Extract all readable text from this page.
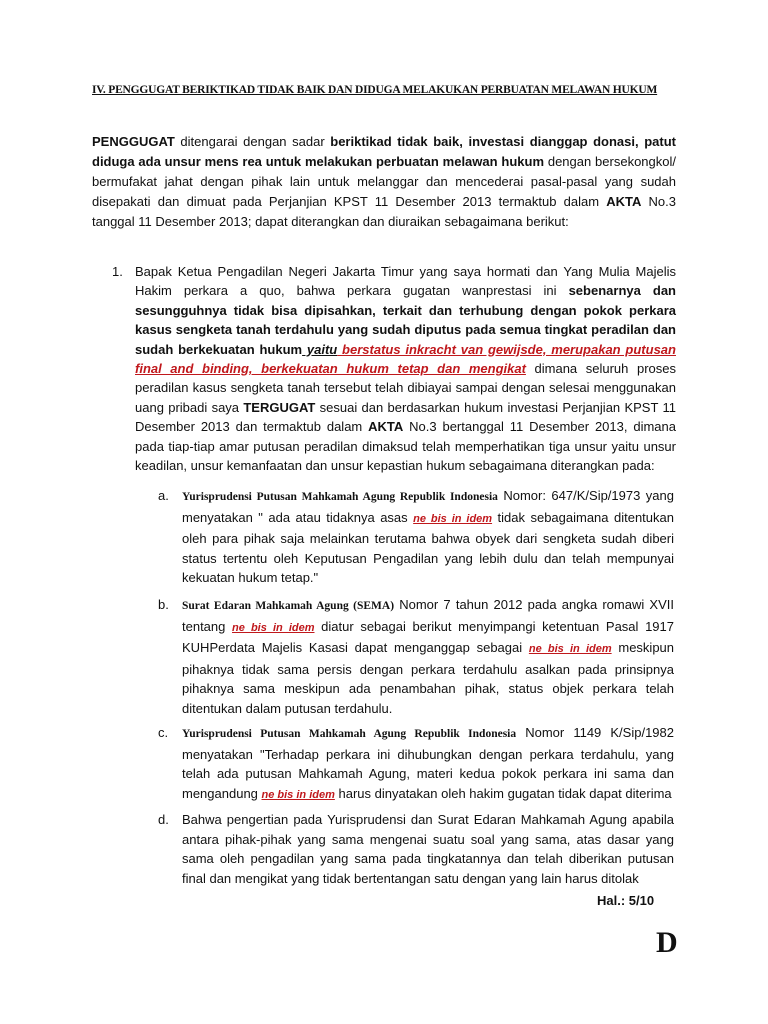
IV. PENGGUGAT BERIKTIKAD TIDAK BAIK DAN DIDUGA MELAKUKAN PERBUATAN MELAWAN HUKUM
PENGGUGAT ditengarai dengan sadar beriktikad tidak baik, investasi dianggap donasi, patut diduga ada unsur mens rea untuk melakukan perbuatan melawan hukum dengan bersekongkol/ bermufakat jahat dengan pihak lain untuk melanggar dan mencederai pasal-pasal yang sudah disepakati dan dimuat pada Perjanjian KPST 11 Desember 2013 termaktub dalam AKTA No.3 tanggal 11 Desember 2013; dapat diterangkan dan diuraikan sebagaimana berikut:
1. Bapak Ketua Pengadilan Negeri Jakarta Timur yang saya hormati dan Yang Mulia Majelis Hakim perkara a quo, bahwa perkara gugatan wanprestasi ini sebenarnya dan sesungguhnya tidak bisa dipisahkan, terkait dan terhubung dengan pokok perkara kasus sengketa tanah terdahulu yang sudah diputus pada semua tingkat peradilan dan sudah berkekuatan hukum yaitu berstatus inkracht van gewijsde, merupakan putusan final and binding, berkekuatan hukum tetap dan mengikat dimana seluruh proses peradilan kasus sengketa tanah tersebut telah dibiayai sampai dengan selesai menggunakan uang pribadi saya TERGUGAT sesuai dan berdasarkan hukum investasi Perjanjian KPST 11 Desember 2013 dan termaktub dalam AKTA No.3 bertanggal 11 Desember 2013, dimana pada tiap-tiap amar putusan peradilan dimaksud telah memperhatikan tiga unsur yaitu unsur keadilan, unsur kemanfaatan dan unsur kepastian hukum sebagaimana diterangkan pada:
a. Yurisprudensi Putusan Mahkamah Agung Republik Indonesia Nomor: 647/K/Sip/1973 yang menyatakan " ada atau tidaknya asas ne bis in idem tidak sebagaimana ditentukan oleh para pihak saja melainkan terutama bahwa obyek dari sengketa sudah diberi status tertentu oleh Keputusan Pengadilan yang lebih dulu dan telah mempunyai kekuatan hukum tetap."
b. Surat Edaran Mahkamah Agung (SEMA) Nomor 7 tahun 2012 pada angka romawi XVII tentang ne bis in idem diatur sebagai berikut menyimpangi ketentuan Pasal 1917 KUHPerdata Majelis Kasasi dapat menganggap sebagai ne bis in idem meskipun pihaknya tidak sama persis dengan perkara terdahulu asalkan pada prinsipnya pihaknya sama meskipun ada penambahan pihak, status objek perkara telah ditentukan dalam putusan terdahulu.
c. Yurisprudensi Putusan Mahkamah Agung Republik Indonesia Nomor 1149 K/Sip/1982 menyatakan "Terhadap perkara ini dihubungkan dengan perkara terdahulu, yang telah ada putusan Mahkamah Agung, materi kedua pokok perkara ini sama dan mengandung ne bis in idem harus dinyatakan oleh hakim gugatan tidak dapat diterima
d. Bahwa pengertian pada Yurisprudensi dan Surat Edaran Mahkamah Agung apabila antara pihak-pihak yang sama mengenai suatu soal yang sama, atas dasar yang sama oleh pengadilan yang sama pada tingkatannya dan telah diberikan putusan final dan mengikat yang tidak bertentangan satu dengan yang lain harus ditolak
Hal.: 5/10
D
